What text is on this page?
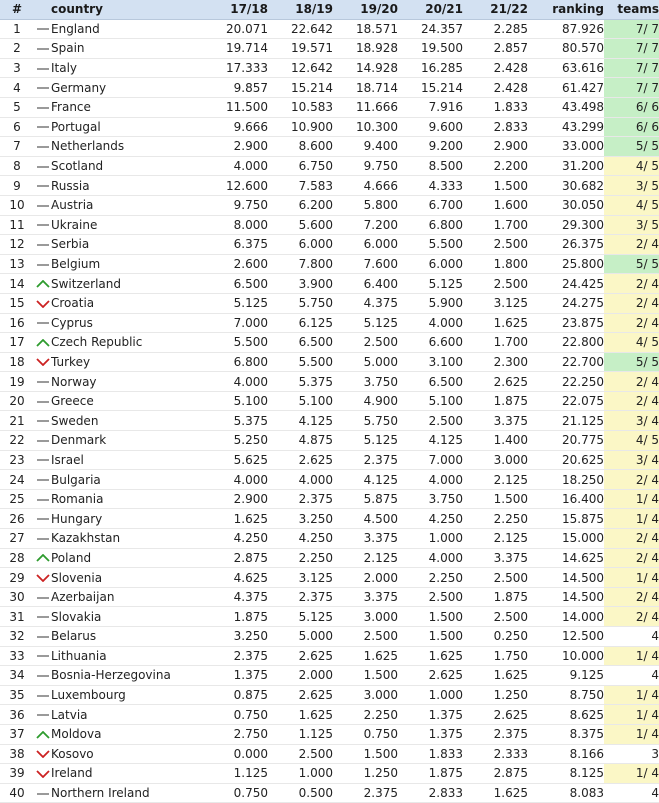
#		country	17/18	18/19	19/20	20/21	21/22	ranking	teams
1		England	20.071	22.642	18.571	24.357	2.285	87.926	7/ 7
2		Spain	19.714	19.571	18.928	19.500	2.857	80.570	7/ 7
3		Italy	17.333	12.642	14.928	16.285	2.428	63.616	7/ 7
4		Germany	9.857	15.214	18.714	15.214	2.428	61.427	7/ 7
5		France	11.500	10.583	11.666	7.916	1.833	43.498	6/ 6
6		Portugal	9.666	10.900	10.300	9.600	2.833	43.299	6/ 6
7		Netherlands	2.900	8.600	9.400	9.200	2.900	33.000	5/ 5
8		Scotland	4.000	6.750	9.750	8.500	2.200	31.200	4/ 5
9		Russia	12.600	7.583	4.666	4.333	1.500	30.682	3/ 5
10		Austria	9.750	6.200	5.800	6.700	1.600	30.050	4/ 5
11		Ukraine	8.000	5.600	7.200	6.800	1.700	29.300	3/ 5
12		Serbia	6.375	6.000	6.000	5.500	2.500	26.375	2/ 4
13		Belgium	2.600	7.800	7.600	6.000	1.800	25.800	5/ 5
14		Switzerland	6.500	3.900	6.400	5.125	2.500	24.425	2/ 4
15		Croatia	5.125	5.750	4.375	5.900	3.125	24.275	2/ 4
16		Cyprus	7.000	6.125	5.125	4.000	1.625	23.875	2/ 4
17		Czech Republic	5.500	6.500	2.500	6.600	1.700	22.800	4/ 5
18		Turkey	6.800	5.500	5.000	3.100	2.300	22.700	5/ 5
19		Norway	4.000	5.375	3.750	6.500	2.625	22.250	2/ 4
20		Greece	5.100	5.100	4.900	5.100	1.875	22.075	2/ 4
21		Sweden	5.375	4.125	5.750	2.500	3.375	21.125	3/ 4
22		Denmark	5.250	4.875	5.125	4.125	1.400	20.775	4/ 5
23		Israel	5.625	2.625	2.375	7.000	3.000	20.625	3/ 4
24		Bulgaria	4.000	4.000	4.125	4.000	2.125	18.250	2/ 4
25		Romania	2.900	2.375	5.875	3.750	1.500	16.400	1/ 4
26		Hungary	1.625	3.250	4.500	4.250	2.250	15.875	1/ 4
27		Kazakhstan	4.250	4.250	3.375	1.000	2.125	15.000	2/ 4
28		Poland	2.875	2.250	2.125	4.000	3.375	14.625	2/ 4
29		Slovenia	4.625	3.125	2.000	2.250	2.500	14.500	1/ 4
30		Azerbaijan	4.375	2.375	3.375	2.500	1.875	14.500	2/ 4
31		Slovakia	1.875	5.125	3.000	1.500	2.500	14.000	2/ 4
32		Belarus	3.250	5.000	2.500	1.500	0.250	12.500	4
33		Lithuania	2.375	2.625	1.625	1.625	1.750	10.000	1/ 4
34		Bosnia-Herzegovina	1.375	2.000	1.500	2.625	1.625	9.125	4
35		Luxembourg	0.875	2.625	3.000	1.000	1.250	8.750	1/ 4
36		Latvia	0.750	1.625	2.250	1.375	2.625	8.625	1/ 4
37		Moldova	2.750	1.125	0.750	1.375	2.375	8.375	1/ 4
38		Kosovo	0.000	2.500	1.500	1.833	2.333	8.166	3
39		Ireland	1.125	1.000	1.250	1.875	2.875	8.125	1/ 4
40		Northern Ireland	0.750	0.500	2.375	2.833	1.625	8.083	4
